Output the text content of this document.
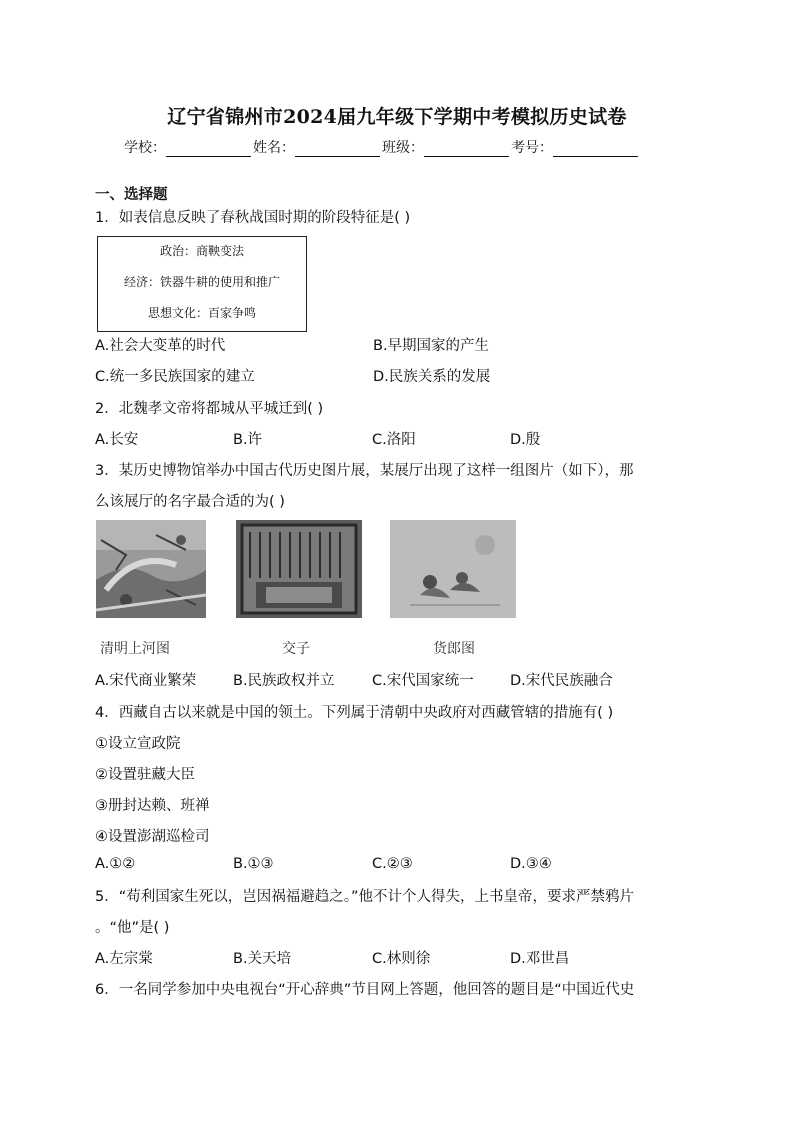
辽宁省锦州市2024届九年级下学期中考模拟历史试卷
学校：	姓名：	班级：	考号：
一、选择题
1．如表信息反映了春秋战国时期的阶段特征是( )
政治：商鞅变法
经济：铁器牛耕的使用和推广
思想文化：百家争鸣
A.社会大变革的时代	B.早期国家的产生
C.统一多民族国家的建立	D.民族关系的发展
2．北魏孝文帝将都城从平城迁到( )
A.长安	B.许	C.洛阳	D.殷
3．某历史博物馆举办中国古代历史图片展，某展厅出现了这样一组图片（如下），那
么该展厅的名字最合适的为( )
清明上河图	交子	货郎图
A.宋代商业繁荣	B.民族政权并立	C.宋代国家统一	D.宋代民族融合
4．西藏自古以来就是中国的领土。下列属于清朝中央政府对西藏管辖的措施有( )
①设立宣政院
②设置驻藏大臣
③册封达赖、班禅
④设置澎湖巡检司
A.①②	B.①③	C.②③	D.③④
5．“苟利国家生死以，岂因祸福避趋之。”他不计个人得失，上书皇帝，要求严禁鸦片
。“他”是( )
A.左宗棠	B.关天培	C.林则徐	D.邓世昌
6．一名同学参加中央电视台“开心辞典”节目网上答题，他回答的题目是“中国近代史
